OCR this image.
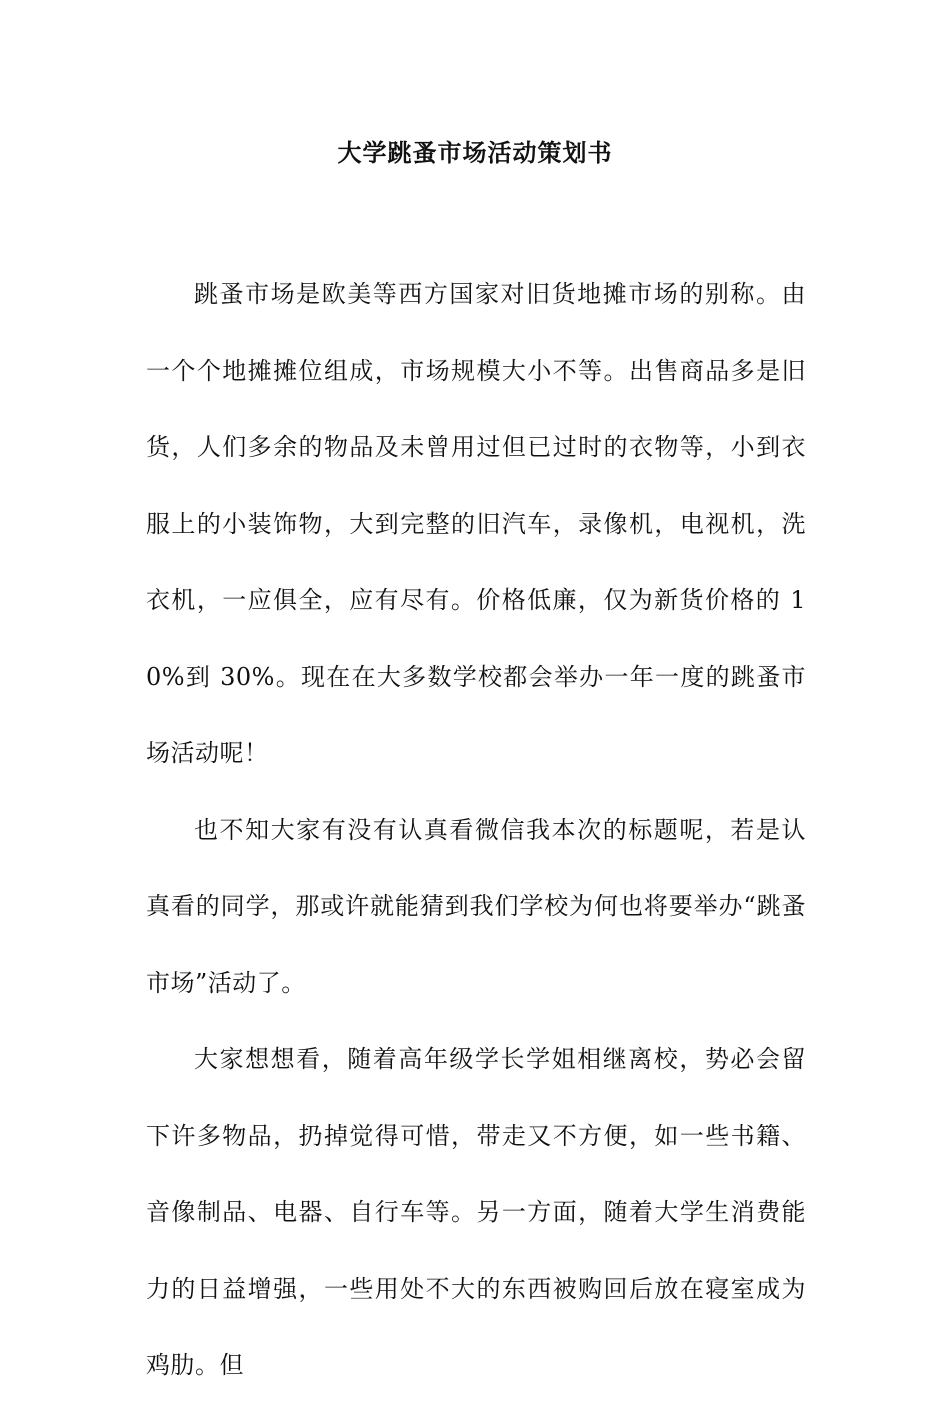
大学跳蚤市场活动策划书

跳蚤市场是欧美等西方国家对旧货地摊市场的别称。由一个个地摊摊位组成，市场规模大小不等。出售商品多是旧货，人们多余的物品及未曾用过但已过时的衣物等，小到衣服上的小装饰物，大到完整的旧汽车，录像机，电视机，洗衣机，一应俱全，应有尽有。价格低廉，仅为新货价格的 10%到 30%。现在在大多数学校都会举办一年一度的跳蚤市场活动呢！

也不知大家有没有认真看微信我本次的标题呢，若是认真看的同学，那或许就能猜到我们学校为何也将要举办“跳蚤市场”活动了。

大家想想看，随着高年级学长学姐相继离校，势必会留下许多物品，扔掉觉得可惜，带走又不方便，如一些书籍、音像制品、电器、自行车等。另一方面，随着大学生消费能力的日益增强，一些用处不大的东西被购回后放在寝室成为鸡肋。但
